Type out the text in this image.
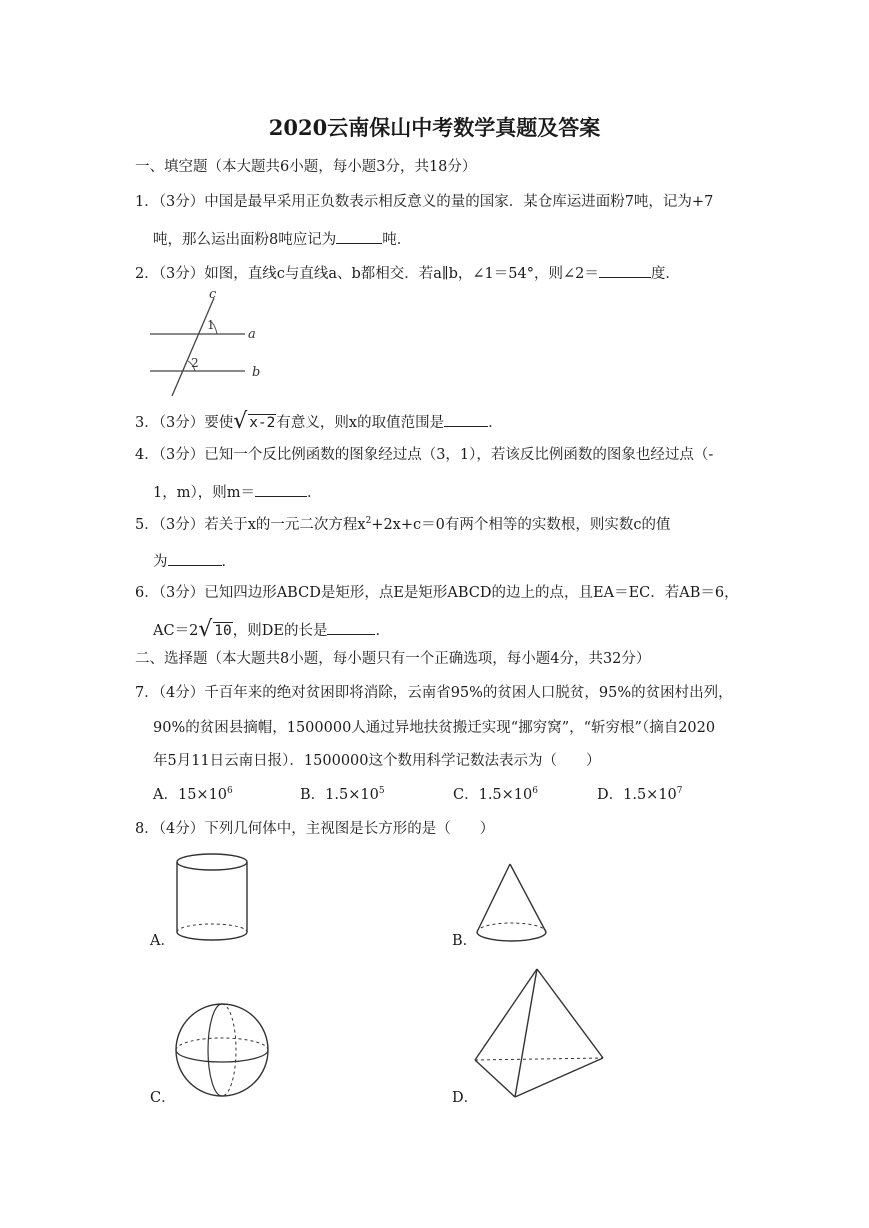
2020云南保山中考数学真题及答案
一、填空题（本大题共6小题，每小题3分，共18分）
1．（3分）中国是最早采用正负数表示相反意义的量的国家．某仓库运进面粉7吨，记为+7
吨，那么运出面粉8吨应记为	吨．
2．（3分）如图，直线c与直线a、b都相交．若a∥b，∠1＝54°，则∠2＝	度．
c
a
b
1
2
3．（3分）要使 √ x-2有意义，则x的取值范围是	．
4．（3分）已知一个反比例函数的图象经过点（3，1），若该反比例函数的图象也经过点（-
1，m），则m＝	．
5．（3分）若关于x的一元二次方程$x^2+2x+c=0$有两个相等的实数根，则实数c的值
为	．
6．（3分）已知四边形ABCD是矩形，点E是矩形ABCD的边上的点，且EA＝EC．若AB＝6，
AC＝2 √ 10，则DE的长是	．
二、选择题（本大题共8小题，每小题只有一个正确选项，每小题4分，共32分）
7．（4分）千百年来的绝对贫困即将消除，云南省95%的贫困人口脱贫，95%的贫困村出列，
90%的贫困县摘帽，1500000人通过异地扶贫搬迁实现“挪穷窝”，“斩穷根”（摘自2020
年5月11日云南日报）．1500000这个数用科学记数法表示为（　　）
A．$15\times 10^6$	B．$1.5\times 10^5$	C．$1.5\times 10^6$	D．$1.5\times 10^7$
8．（4分）下列几何体中，主视图是长方形的是（　　）
A．	B．
C．	D．
